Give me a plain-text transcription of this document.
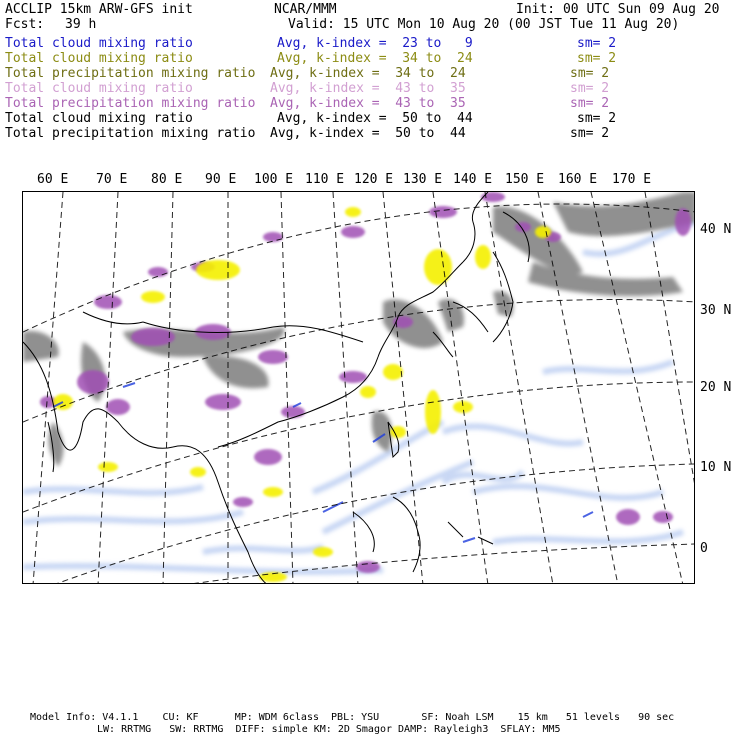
ACCLIP 15km ARW-GFS init	NCAR/MMM	Init: 00 UTC Sun 09 Aug 20
Fcst: 39 h	Valid: 15 UTC Mon 10 Aug 20 (00 JST Tue 11 Aug 20)
Total cloud mixing ratio	Avg, k-index =  23 to   9	sm= 2
Total cloud mixing ratio	Avg, k-index =  34 to  24	sm= 2
Total precipitation mixing ratio Avg, k-index =  34 to  24	sm= 2
Total cloud mixing ratio	Avg, k-index =  43 to  35	sm= 2
Total precipitation mixing ratio Avg, k-index =  43 to  35	sm= 2
Total cloud mixing ratio	Avg, k-index =  50 to  44	sm= 2
Total precipitation mixing ratio Avg, k-index =  50 to  44	sm= 2
60 E 70 E 80 E 90 E 100 E 110 E 120 E 130 E 140 E 150 E 160 E 170 E
40 N
30 N
20 N
10 N
0
Model Info: V4.1.1    CU: KF      MP: WDM 6class  PBL: YSU       SF: Noah LSM    15 km   51 levels   90 sec
LW: RRTMG   SW: RRTMG  DIFF: simple KM: 2D Smagor DAMP: Rayleigh3  SFLAY: MM5
